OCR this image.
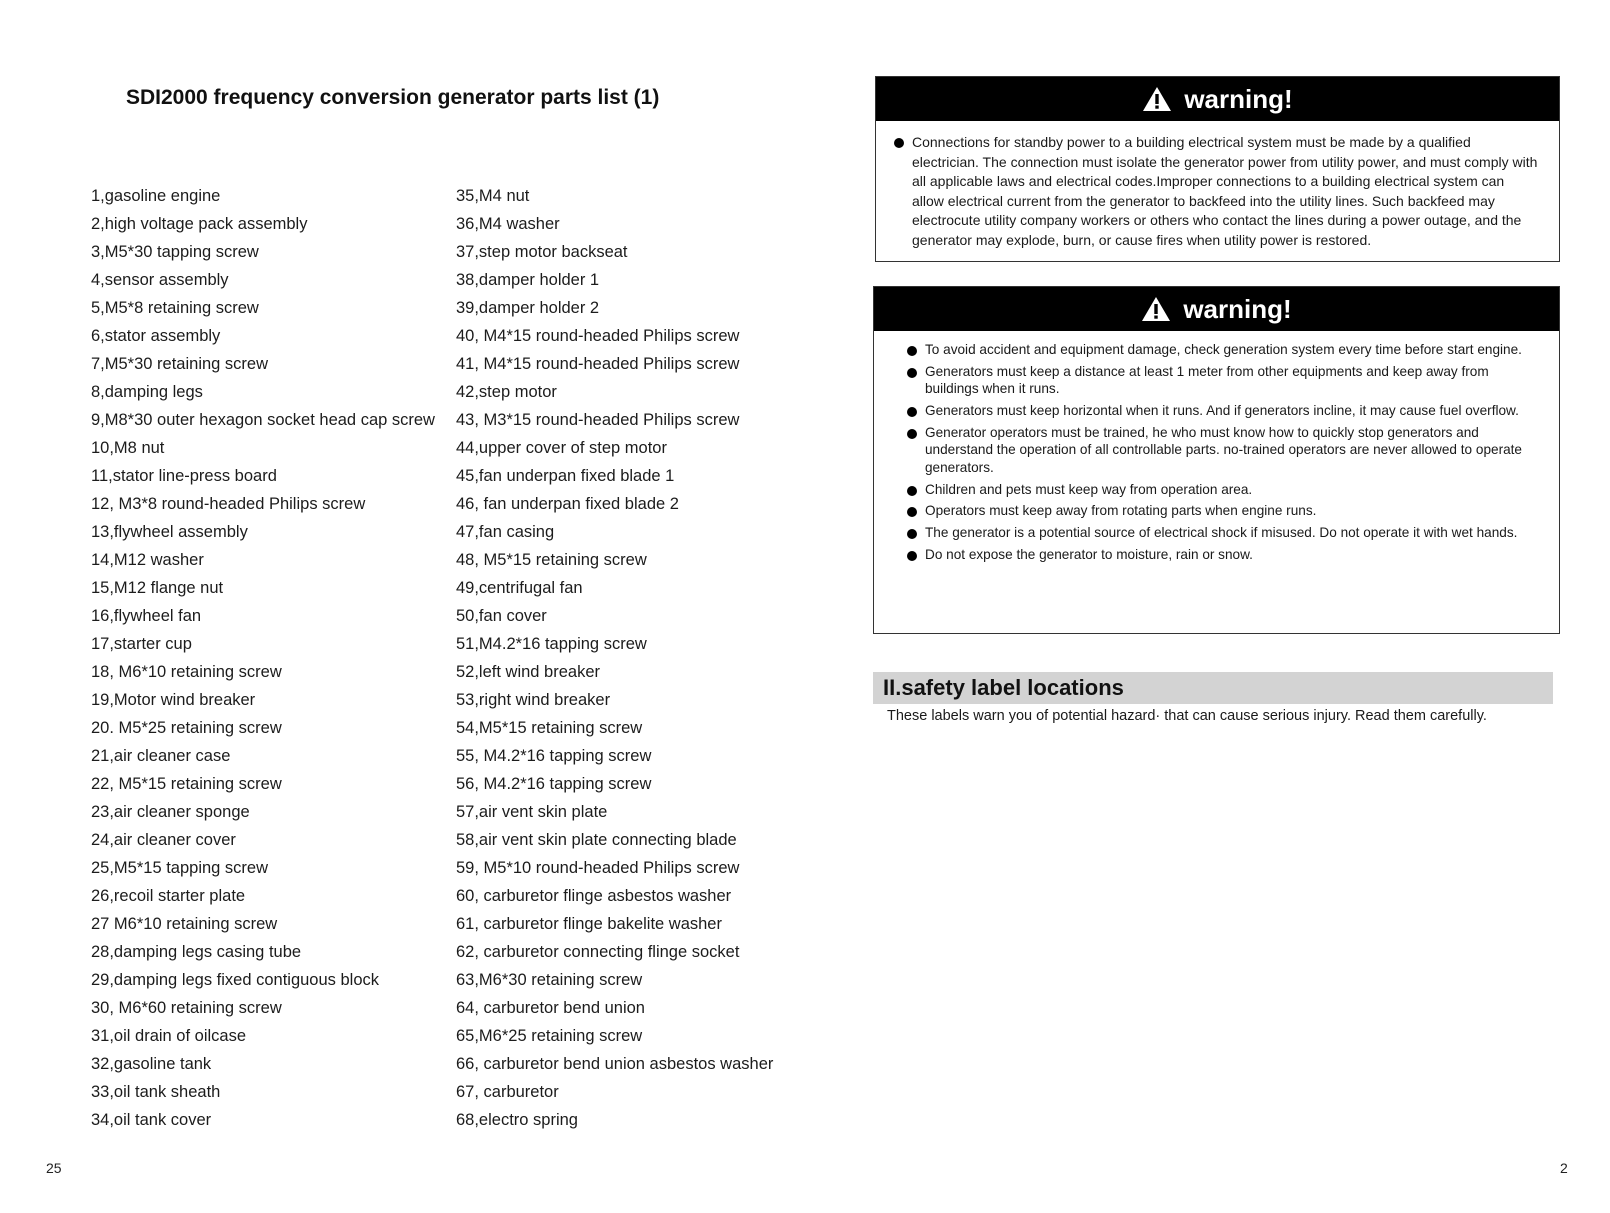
SDI2000 frequency conversion generator parts list (1)
1,gasoline engine
2,high voltage pack assembly
3,M5*30 tapping screw
4,sensor assembly
5,M5*8 retaining screw
6,stator assembly
7,M5*30 retaining screw
8,damping legs
9,M8*30 outer hexagon socket head cap screw
10,M8 nut
11,stator line-press board
12, M3*8 round-headed Philips screw
13,flywheel assembly
14,M12 washer
15,M12 flange nut
16,flywheel fan
17,starter cup
18, M6*10 retaining screw
19,Motor wind breaker
20. M5*25 retaining screw
21,air cleaner case
22, M5*15 retaining screw
23,air cleaner sponge
24,air cleaner cover
25,M5*15 tapping screw
26,recoil starter plate
27 M6*10 retaining screw
28,damping legs casing tube
29,damping legs fixed contiguous block
30, M6*60 retaining screw
31,oil drain of oilcase
32,gasoline tank
33,oil tank sheath
34,oil tank cover
35,M4 nut
36,M4 washer
37,step motor backseat
38,damper holder 1
39,damper holder 2
40, M4*15 round-headed Philips screw
41, M4*15 round-headed Philips screw
42,step motor
43, M3*15 round-headed Philips screw
44,upper cover of step motor
45,fan underpan fixed blade 1
46, fan underpan fixed blade 2
47,fan casing
48, M5*15 retaining screw
49,centrifugal fan
50,fan cover
51,M4.2*16 tapping screw
52,left wind breaker
53,right wind breaker
54,M5*15 retaining screw
55, M4.2*16 tapping screw
56, M4.2*16 tapping screw
57,air vent skin plate
58,air vent skin plate connecting blade
59, M5*10 round-headed Philips screw
60, carburetor flinge asbestos washer
61, carburetor flinge bakelite washer
62, carburetor connecting flinge socket
63,M6*30 retaining screw
64, carburetor bend union
65,M6*25 retaining screw
66, carburetor bend union asbestos washer
67, carburetor
68,electro spring
25
warning!
Connections for standby power to a building electrical system must be made by a qualified electrician. The connection must isolate the generator power from utility power, and must comply with all applicable laws and electrical codes.Improper connections to a building electrical system can allow electrical current from the generator to backfeed into the utility lines. Such backfeed may electrocute utility company workers or others who contact the lines during a power outage, and the generator may explode, burn, or cause fires when utility power is restored.
warning!
To avoid accident and equipment damage, check generation system every time before start engine.
Generators must keep a distance at least 1 meter from other equipments and keep away from buildings when it runs.
Generators must keep horizontal when it runs. And if generators incline, it may cause fuel overflow.
Generator operators must be trained, he who must know how to quickly stop generators and understand the operation of all controllable parts. no-trained operators are never allowed to operate generators.
Children and pets must keep way from operation area.
Operators must keep away from rotating parts when engine runs.
The generator is a potential source of electrical shock if misused. Do not operate it with wet hands.
Do not expose the generator to moisture, rain or snow.
II.safety label locations

These labels warn you of potential hazard· that can cause serious injury. Read them carefully.

2
